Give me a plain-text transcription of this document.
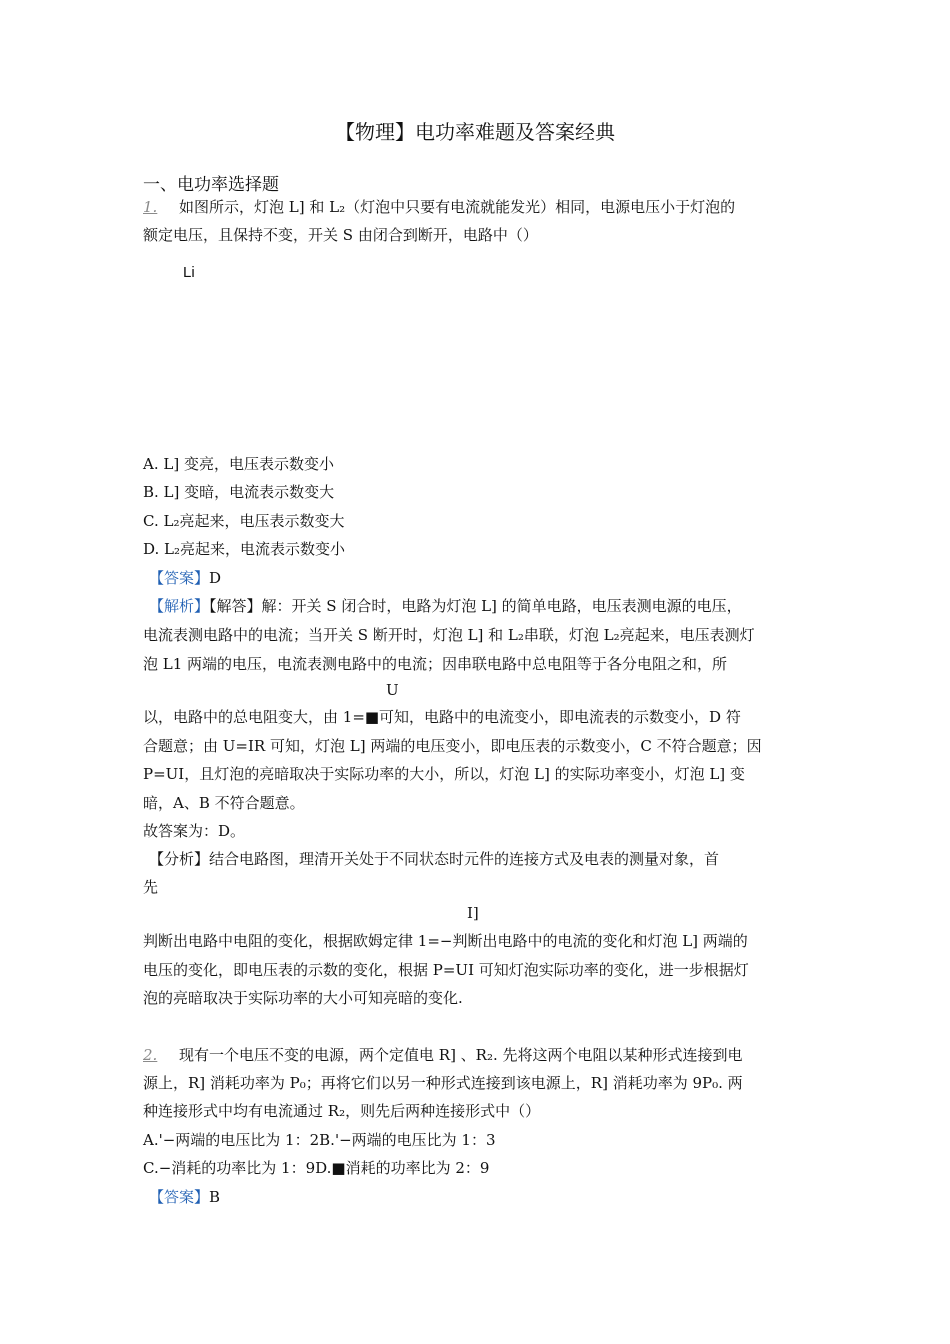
【物理】电功率难题及答案经典
一、电功率选择题
1. 如图所示，灯泡 L] 和 L₂（灯泡中只要有电流就能发光）相同，电源电压小于灯泡的
额定电压，且保持不变，开关 S 由闭合到断开，电路中（）
Li
A. L] 变亮，电压表示数变小
B. L] 变暗，电流表示数变大
C. L₂亮起来，电压表示数变大
D. L₂亮起来，电流表示数变小
【答案】D
【解析】【解答】解：开关 S 闭合时，电路为灯泡 L] 的简单电路，电压表测电源的电压，
电流表测电路中的电流；当开关 S 断开时，灯泡 L] 和 L₂串联，灯泡 L₂亮起来，电压表测灯
泡 L1 两端的电压，电流表测电路中的电流；因串联电路中总电阻等于各分电阻之和，所
U
以，电路中的总电阻变大，由 1=■可知，电路中的电流变小，即电流表的示数变小，D 符
合题意；由 U=IR 可知，灯泡 L] 两端的电压变小，即电压表的示数变小，C 不符合题意；因
P=UI，且灯泡的亮暗取决于实际功率的大小，所以，灯泡 L] 的实际功率变小，灯泡 L] 变
暗，A、B 不符合题意。
故答案为：D。
【分析】结合电路图，理清开关处于不同状态时元件的连接方式及电表的测量对象，首
先
I]
判断出电路中电阻的变化，根据欧姆定律 1=−判断出电路中的电流的变化和灯泡 L] 两端的
电压的变化，即电压表的示数的变化，根据 P=UI 可知灯泡实际功率的变化，进一步根据灯
泡的亮暗取决于实际功率的大小可知亮暗的变化.
2. 现有一个电压不变的电源，两个定值电 R] 、R₂. 先将这两个电阻以某种形式连接到电
源上，R] 消耗功率为 P₀；再将它们以另一种形式连接到该电源上，R] 消耗功率为 9P₀. 两
种连接形式中均有电流通过 R₂，则先后两种连接形式中（）
A.'−两端的电压比为 1：2B.'−两端的电压比为 1：3
C.−消耗的功率比为 1：9D.■消耗的功率比为 2：9
【答案】B
